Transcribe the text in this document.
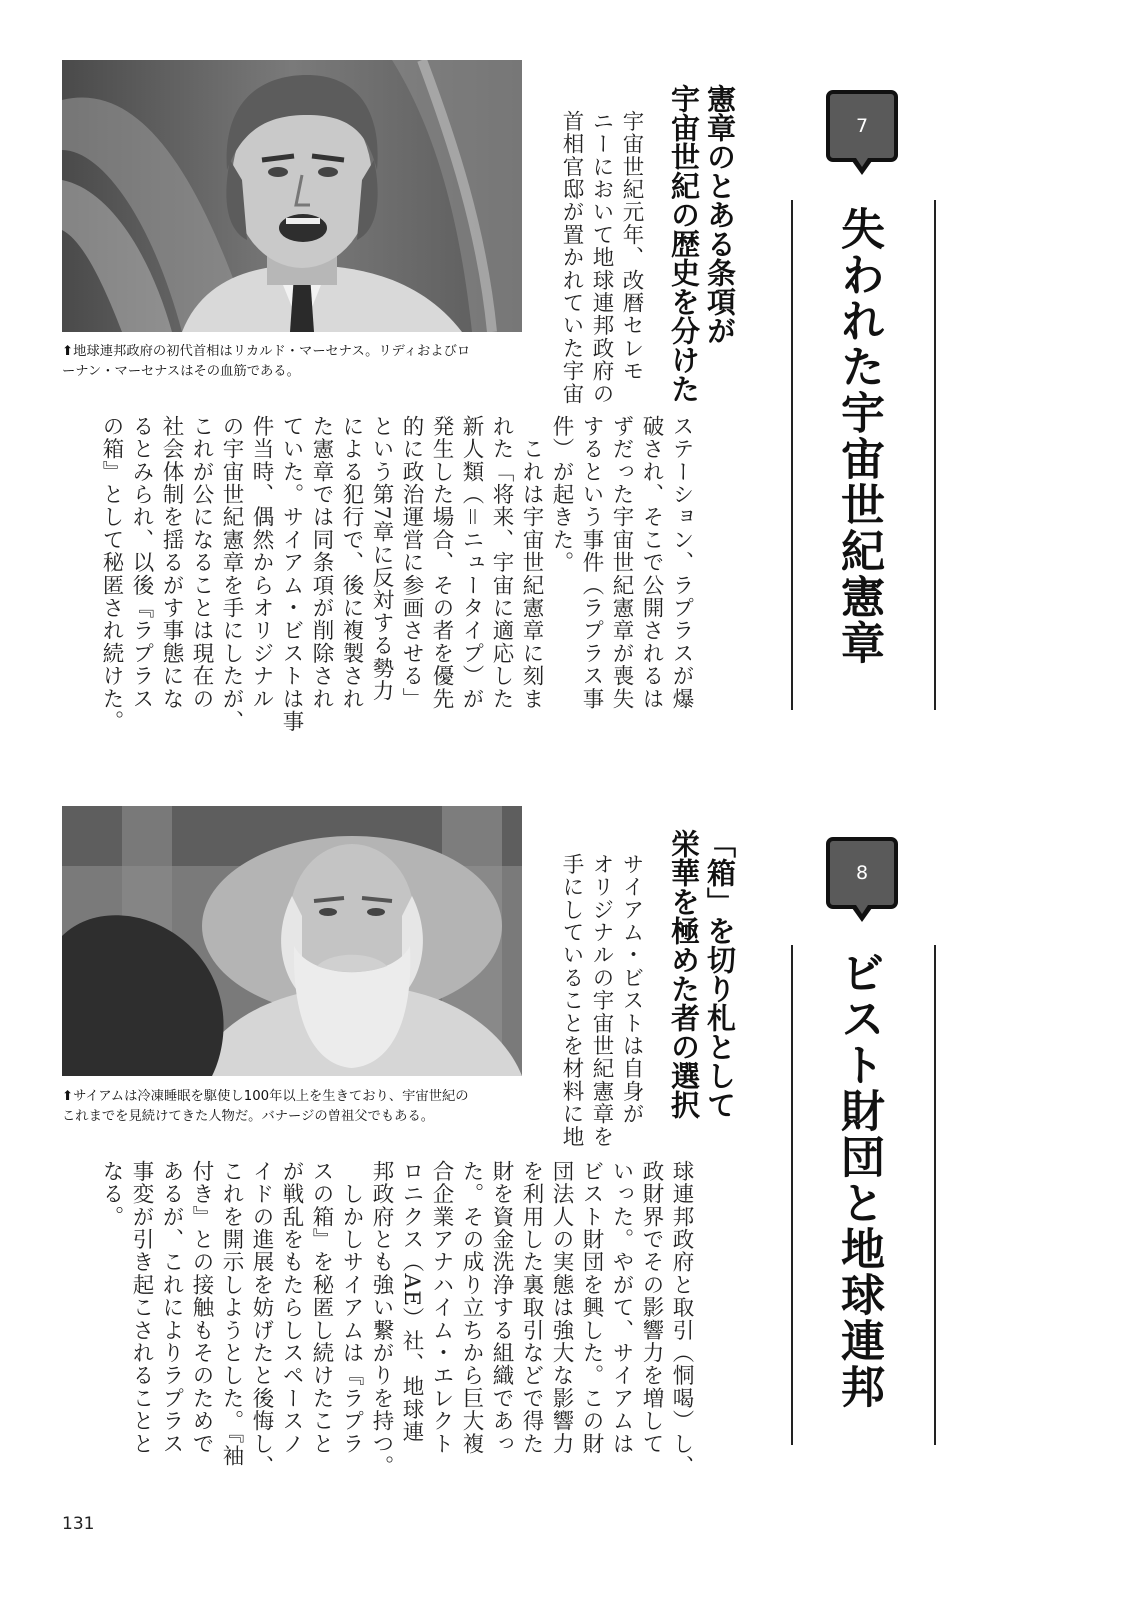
7
失われた宇宙世紀憲章
憲章のとある条項が
宇宙世紀の歴史を分けた
宇宙世紀元年、改暦セレモ
ニーにおいて地球連邦政府の
首相官邸が置かれていた宇宙
⬆地球連邦政府の初代首相はリカルド・マーセナス。リディおよびロ
ーナン・マーセナスはその血筋である。
ステーション、ラプラスが爆
破され、そこで公開されるは
ずだった宇宙世紀憲章が喪失
するという事件（ラプラス事
件）が起きた。
　これは宇宙世紀憲章に刻ま
れた「将来、宇宙に適応した
新人類（＝ニュータイプ）が
発生した場合、その者を優先
的に政治運営に参画させる」
という第7章に反対する勢力
による犯行で、後に複製され
た憲章では同条項が削除され
ていた。サイアム・ビストは事
件当時、偶然からオリジナル
の宇宙世紀憲章を手にしたが、
これが公になることは現在の
社会体制を揺るがす事態にな
るとみられ、以後『ラプラス
の箱』として秘匿され続けた。
8
ビスト財団と地球連邦
「箱」を切り札として
栄華を極めた者の選択
サイアム・ビストは自身が
オリジナルの宇宙世紀憲章を
手にしていることを材料に地
⬆サイアムは冷凍睡眠を駆使し100年以上を生きており、宇宙世紀の
これまでを見続けてきた人物だ。バナージの曽祖父でもある。
球連邦政府と取引（恫喝）し、
政財界でその影響力を増して
いった。やがて、サイアムは
ビスト財団を興した。この財
団法人の実態は強大な影響力
を利用した裏取引などで得た
財を資金洗浄する組織であっ
た。その成り立ちから巨大複
合企業アナハイム・エレクト
ロニクス（AE）社、地球連
邦政府とも強い繋がりを持つ。
　しかしサイアムは『ラプラ
スの箱』を秘匿し続けたこと
が戦乱をもたらしスペースノ
イドの進展を妨げたと後悔し、
これを開示しようとした。『袖
付き』との接触もそのためで
あるが、これによりラプラス
事変が引き起こされることと
なる。
131
